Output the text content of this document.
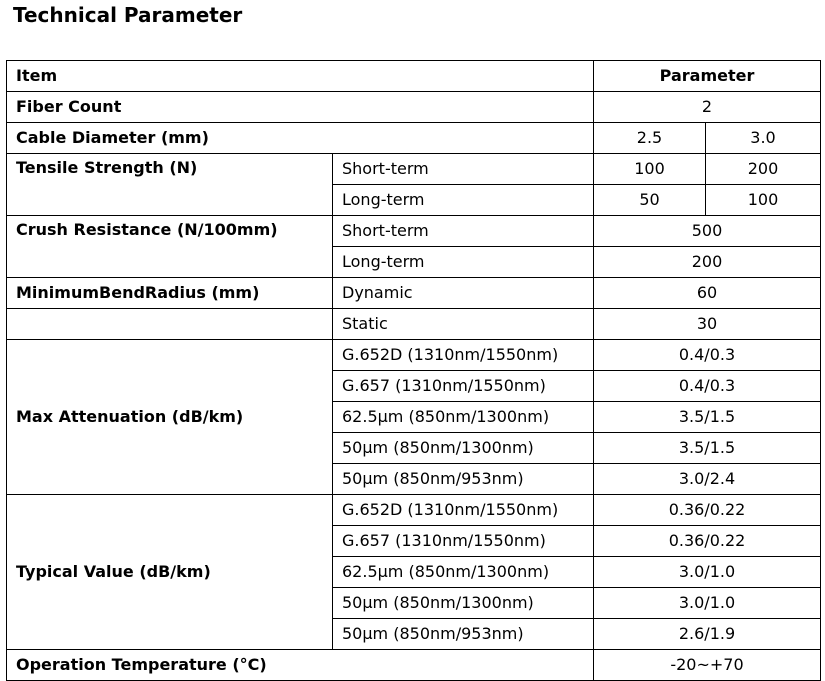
Technical Parameter
Item		Parameter	
Fiber Count		2	
Cable Diameter (mm)		2.5	3.0
Tensile Strength (N)	Short-term	100	200
	Long-term	50	100
Crush Resistance (N/100mm)	Short-term	500	
	Long-term	200	
MinimumBendRadius (mm)	Dynamic	60	
	Static	30	
Max Attenuation (dB/km)	G.652D (1310nm/1550nm)	0.4/0.3	
	G.657 (1310nm/1550nm)	0.4/0.3	
	62.5μm (850nm/1300nm)	3.5/1.5	
	50μm (850nm/1300nm)	3.5/1.5	
	50μm (850nm/953nm)	3.0/2.4	
Typical Value (dB/km)	G.652D (1310nm/1550nm)	0.36/0.22	
	G.657 (1310nm/1550nm)	0.36/0.22	
	62.5μm (850nm/1300nm)	3.0/1.0	
	50μm (850nm/1300nm)	3.0/1.0	
	50μm (850nm/953nm)	2.6/1.9	
Operation Temperature (°C)		-20~+70	
